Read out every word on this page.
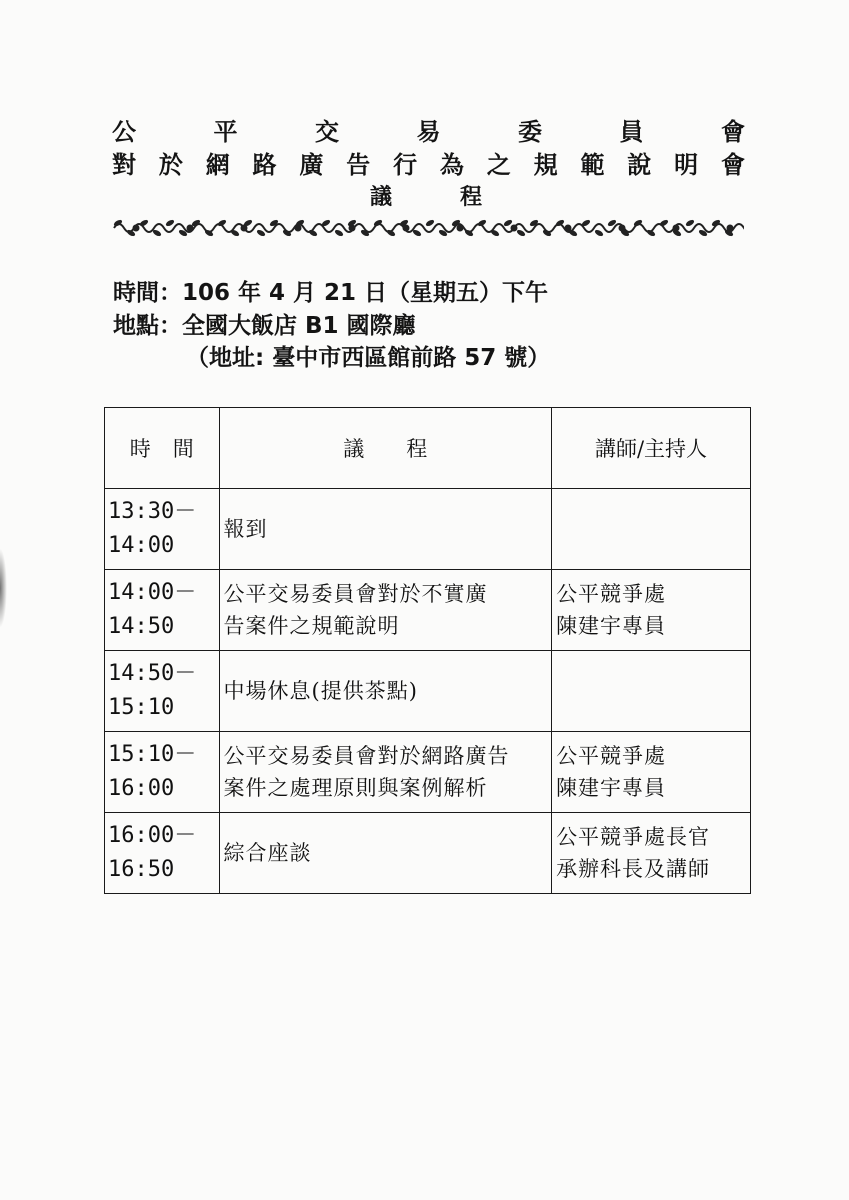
公	平	交	易	委	員	會
對 於 網 路 廣 告 行 為 之 規 範 說 明 會
議	程
時間：106 年 4 月 21 日（星期五）下午
地點：全國大飯店 B1 國際廳
（地址: 臺中市西區館前路 57 號）
時 間	議 程	講師/主持人

13:30－
14:00	報到	

14:00－
14:50	公平交易委員會對於不實廣
告案件之規範說明	公平競爭處
陳建宇專員

14:50－
15:10	中場休息(提供茶點)	

15:10－
16:00	公平交易委員會對於網路廣告
案件之處理原則與案例解析	公平競爭處
陳建宇專員

16:00－
16:50	綜合座談	公平競爭處長官
承辦科長及講師
